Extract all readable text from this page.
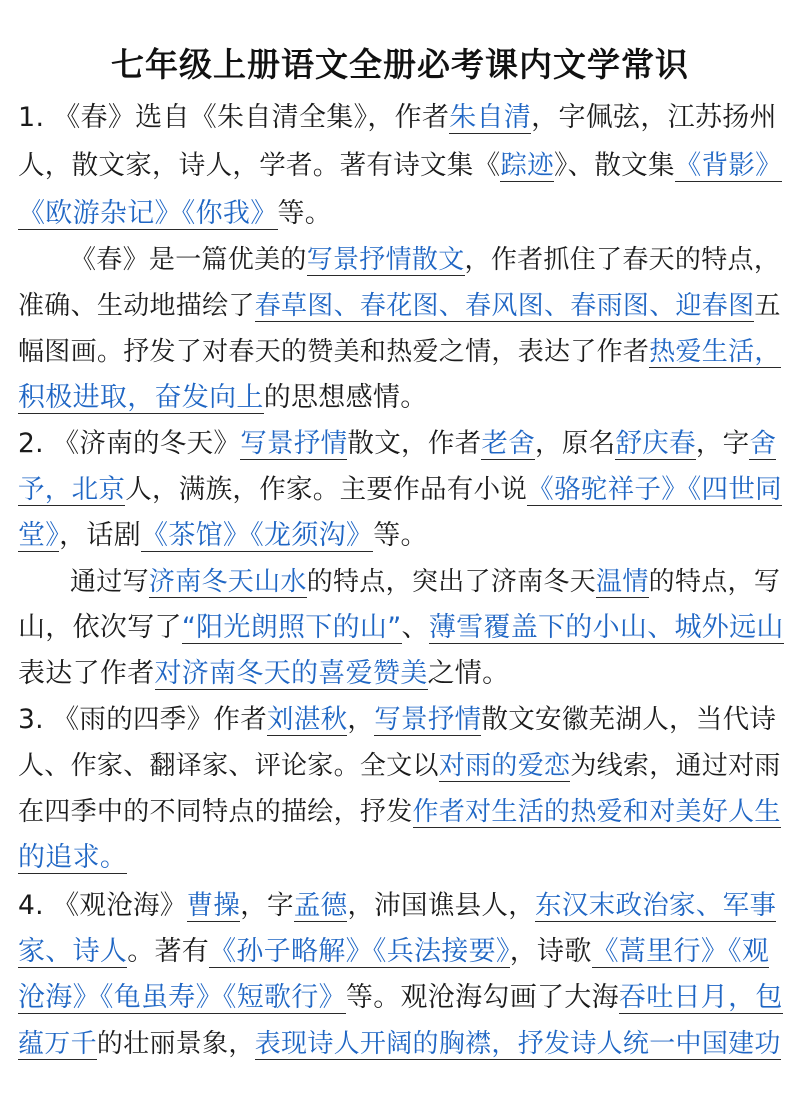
七年级上册语文全册必考课内文学常识
1. 《春》选自《朱自清全集》，作者朱自清，字佩弦，江苏扬州
人，散文家，诗人，学者。著有诗文集《踪迹》、散文集《背影》
《欧游杂记》《你我》等。
《春》是一篇优美的写景抒情散文，作者抓住了春天的特点，
准确、生动地描绘了春草图、春花图、春风图、春雨图、迎春图五
幅图画。抒发了对春天的赞美和热爱之情，表达了作者热爱生活，
积极进取，奋发向上的思想感情。
2. 《济南的冬天》写景抒情散文，作者老舍，原名舒庆春，字舍
予，北京人，满族，作家。主要作品有小说《骆驼祥子》《四世同
堂》，话剧《茶馆》《龙须沟》等。
通过写济南冬天山水的特点，突出了济南冬天温情的特点，写
山，依次写了“阳光朗照下的山”、薄雪覆盖下的小山、城外远山
表达了作者对济南冬天的喜爱赞美之情。
3. 《雨的四季》作者刘湛秋，写景抒情散文安徽芜湖人，当代诗
人、作家、翻译家、评论家。全文以对雨的爱恋为线索，通过对雨
在四季中的不同特点的描绘，抒发作者对生活的热爱和对美好人生
的追求。
4. 《观沧海》曹操，字孟德，沛国谯县人，东汉末政治家、军事
家、诗人。著有《孙子略解》《兵法接要》，诗歌《蒿里行》《观
沧海》《龟虽寿》《短歌行》等。观沧海勾画了大海吞吐日月，包
蕴万千的壮丽景象，表现诗人开阔的胸襟，抒发诗人统一中国建功
